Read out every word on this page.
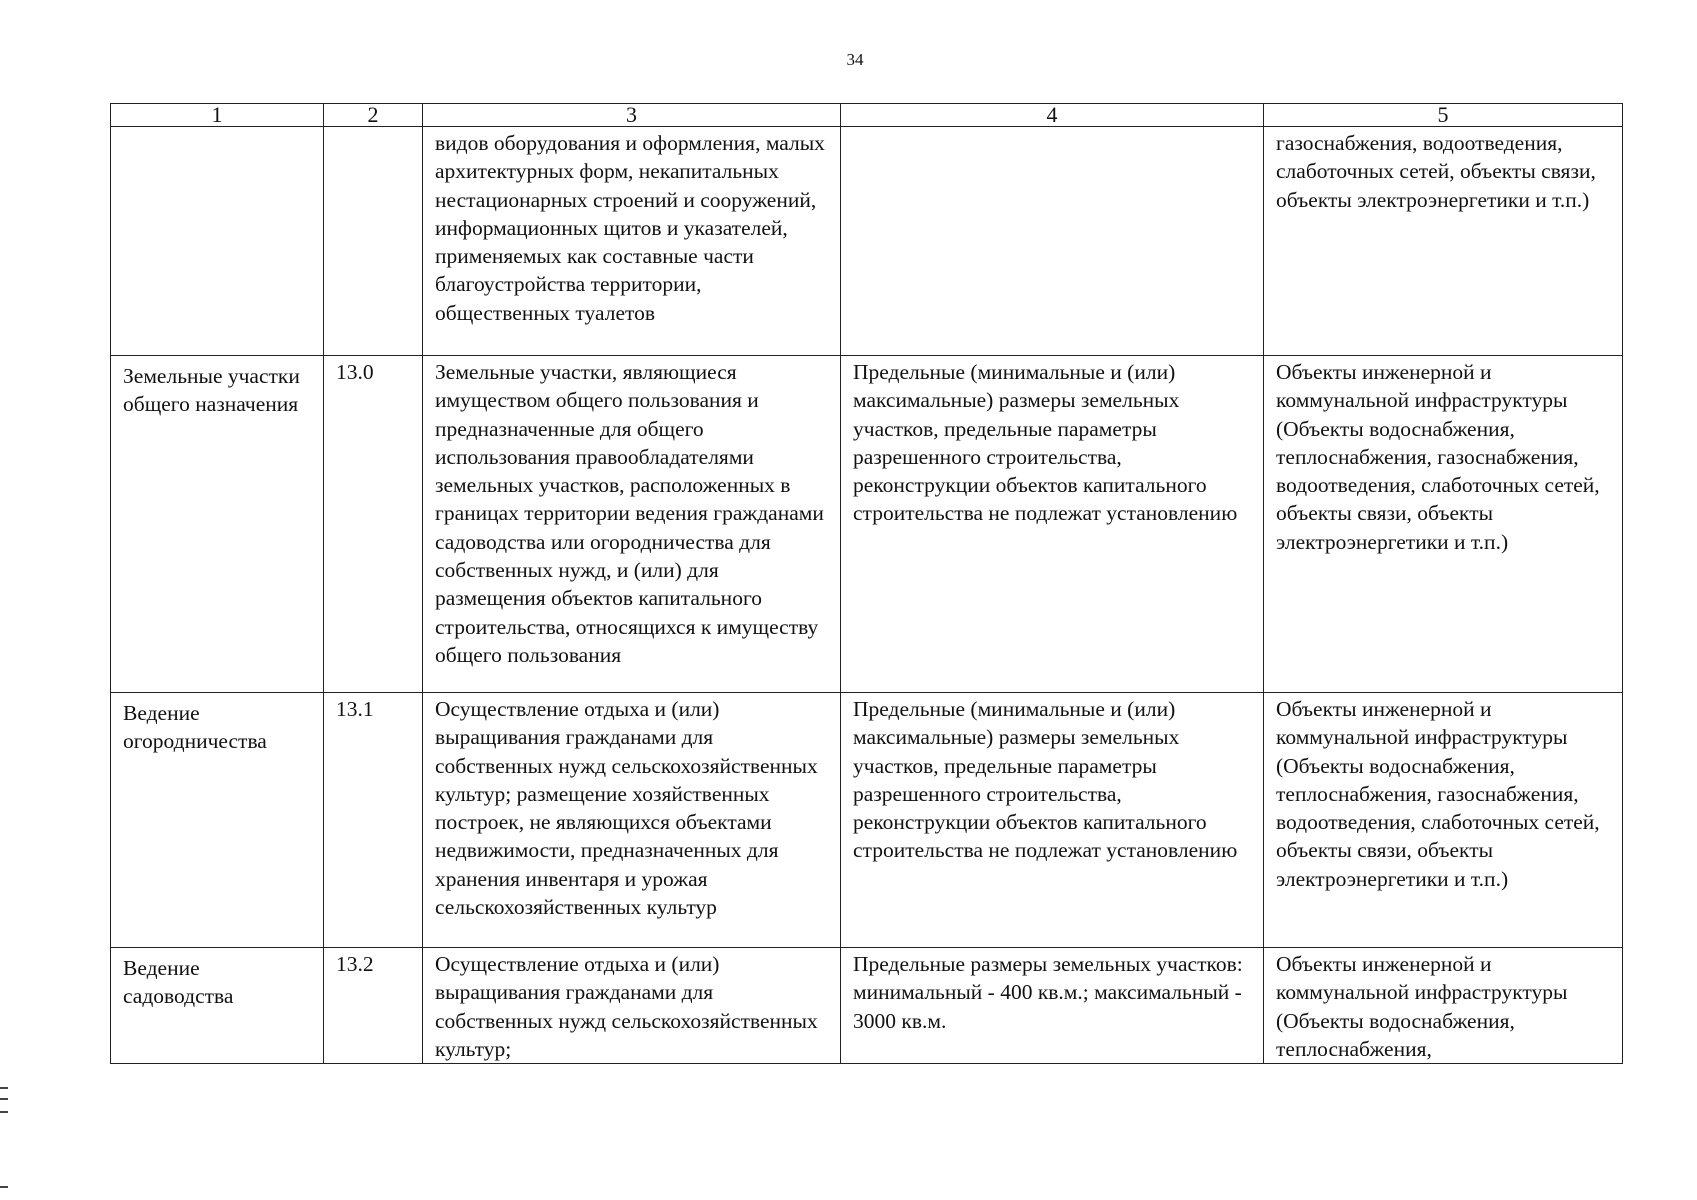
34
1	2	3	4	5
		видов оборудования и оформления, малых архитектурных форм, некапитальных нестационарных строений и сооружений, информационных щитов и указателей, применяемых как составные части благоустройства территории, общественных туалетов		газоснабжения, водоотведения, слаботочных сетей, объекты связи, объекты электроэнергетики и т.п.)
Земельные участки общего назначения	13.0	Земельные участки, являющиеся имуществом общего пользования и предназначенные для общего использования правообладателями земельных участков, расположенных в границах территории ведения гражданами садоводства или огородничества для собственных нужд, и (или) для размещения объектов капитального строительства, относящихся к имуществу общего пользования	Предельные (минимальные и (или) максимальные) размеры земельных участков, предельные параметры разрешенного строительства, реконструкции объектов капитального строительства не подлежат установлению	Объекты инженерной и коммунальной инфраструктуры (Объекты водоснабжения, теплоснабжения, газоснабжения, водоотведения, слаботочных сетей, объекты связи, объекты электроэнергетики и т.п.)
Ведение огородничества	13.1	Осуществление отдыха и (или) выращивания гражданами для собственных нужд сельскохозяйственных культур; размещение хозяйственных построек, не являющихся объектами недвижимости, предназначенных для хранения инвентаря и урожая сельскохозяйственных культур	Предельные (минимальные и (или) максимальные) размеры земельных участков, предельные параметры разрешенного строительства, реконструкции объектов капитального строительства не подлежат установлению	Объекты инженерной и коммунальной инфраструктуры (Объекты водоснабжения, теплоснабжения, газоснабжения, водоотведения, слаботочных сетей, объекты связи, объекты электроэнергетики и т.п.)
Ведение садоводства	13.2	Осуществление отдыха и (или) выращивания гражданами для собственных нужд сельскохозяйственных культур;	Предельные размеры земельных участков: минимальный - 400 кв.м.; максимальный - 3000 кв.м.	Объекты инженерной и коммунальной инфраструктуры (Объекты водоснабжения, теплоснабжения,
